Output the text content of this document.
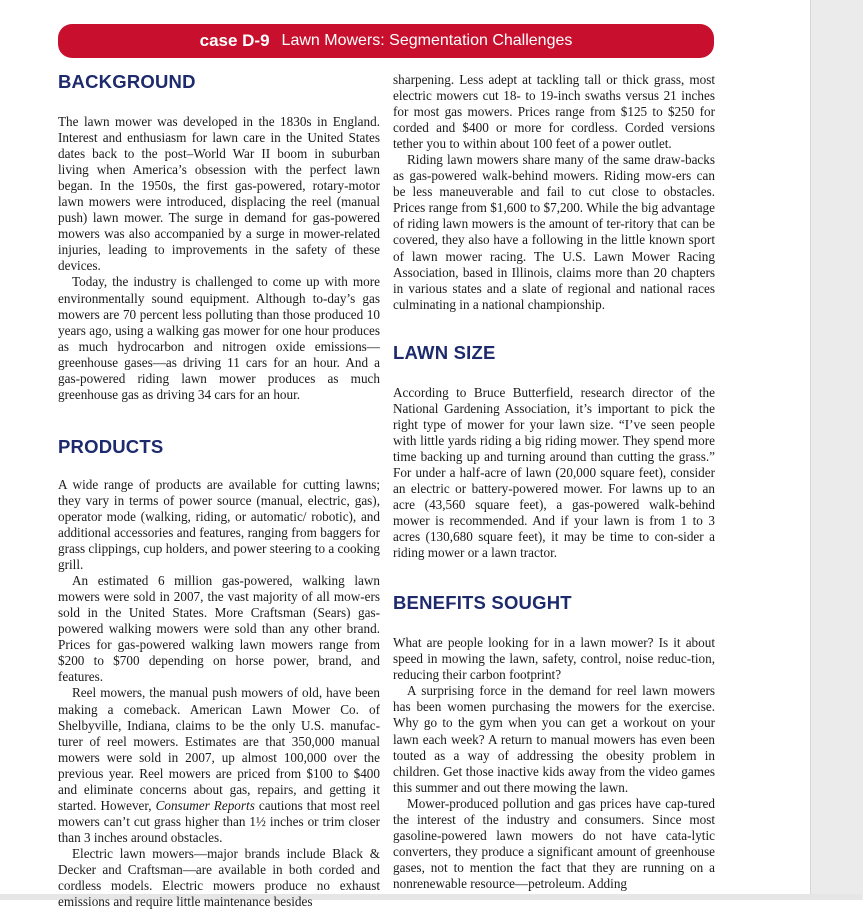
case D-9 Lawn Mowers: Segmentation Challenges
BACKGROUND

The lawn mower was developed in the 1830s in England. Interest and enthusiasm for lawn care in the United States dates back to the post–World War II boom in suburban living when America’s obsession with the perfect lawn began. In the 1950s, the first gas-powered, rotary-motor lawn mowers were introduced, displacing the reel (manual push) lawn mower. The surge in demand for gas-powered mowers was also accompanied by a surge in mower-related injuries, leading to improvements in the safety of these devices.

Today, the industry is challenged to come up with more environmentally sound equipment. Although to-day’s gas mowers are 70 percent less polluting than those produced 10 years ago, using a walking gas mower for one hour produces as much hydrocarbon and nitrogen oxide emissions—greenhouse gases—as driving 11 cars for an hour. And a gas-powered riding lawn mower produces as much greenhouse gas as driving 34 cars for an hour.

PRODUCTS

A wide range of products are available for cutting lawns; they vary in terms of power source (manual, electric, gas), operator mode (walking, riding, or automatic/ robotic), and additional accessories and features, ranging from baggers for grass clippings, cup holders, and power steering to a cooking grill.

An estimated 6 million gas-powered, walking lawn mowers were sold in 2007, the vast majority of all mow-ers sold in the United States. More Craftsman (Sears) gas-powered walking mowers were sold than any other brand. Prices for gas-powered walking lawn mowers range from $200 to $700 depending on horse power, brand, and features.

Reel mowers, the manual push mowers of old, have been making a comeback. American Lawn Mower Co. of Shelbyville, Indiana, claims to be the only U.S. manufac-turer of reel mowers. Estimates are that 350,000 manual mowers were sold in 2007, up almost 100,000 over the previous year. Reel mowers are priced from $100 to $400 and eliminate concerns about gas, repairs, and getting it started. However, Consumer Reports cautions that most reel mowers can’t cut grass higher than 1½ inches or trim closer than 3 inches around obstacles.

Electric lawn mowers—major brands include Black & Decker and Craftsman—are available in both corded and cordless models. Electric mowers produce no exhaust emissions and require little maintenance besides

sharpening. Less adept at tackling tall or thick grass, most electric mowers cut 18- to 19-inch swaths versus 21 inches for most gas mowers. Prices range from $125 to $250 for corded and $400 or more for cordless. Corded versions tether you to within about 100 feet of a power outlet.

Riding lawn mowers share many of the same draw-backs as gas-powered walk-behind mowers. Riding mow-ers can be less maneuverable and fail to cut close to obstacles. Prices range from $1,600 to $7,200. While the big advantage of riding lawn mowers is the amount of ter-ritory that can be covered, they also have a following in the little known sport of lawn mower racing. The U.S. Lawn Mower Racing Association, based in Illinois, claims more than 20 chapters in various states and a slate of regional and national races culminating in a national championship.

LAWN SIZE

According to Bruce Butterfield, research director of the National Gardening Association, it’s important to pick the right type of mower for your lawn size. “I’ve seen people with little yards riding a big riding mower. They spend more time backing up and turning around than cutting the grass.” For under a half-acre of lawn (20,000 square feet), consider an electric or battery-powered mower. For lawns up to an acre (43,560 square feet), a gas-powered walk-behind mower is recommended. And if your lawn is from 1 to 3 acres (130,680 square feet), it may be time to con-sider a riding mower or a lawn tractor.

BENEFITS SOUGHT

What are people looking for in a lawn mower? Is it about speed in mowing the lawn, safety, control, noise reduc-tion, reducing their carbon footprint?

A surprising force in the demand for reel lawn mowers has been women purchasing the mowers for the exercise. Why go to the gym when you can get a workout on your lawn each week? A return to manual mowers has even been touted as a way of addressing the obesity problem in children. Get those inactive kids away from the video games this summer and out there mowing the lawn.

Mower-produced pollution and gas prices have cap-tured the interest of the industry and consumers. Since most gasoline-powered lawn mowers do not have cata-lytic converters, they produce a significant amount of greenhouse gases, not to mention the fact that they are running on a nonrenewable resource—petroleum. Adding
